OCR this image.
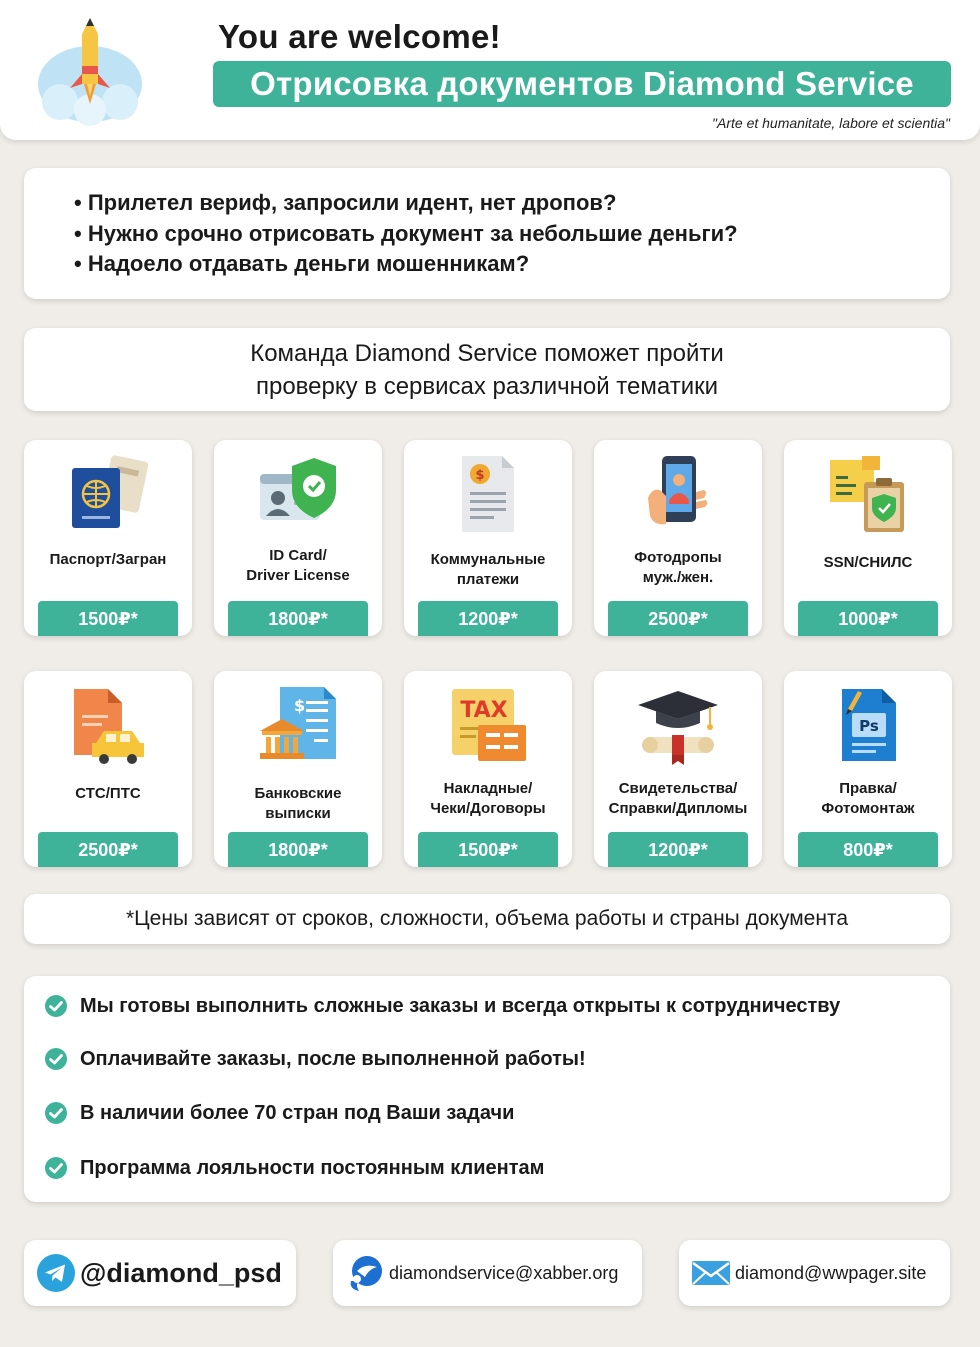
You are welcome!
Отрисовка документов Diamond Service
"Arte et humanitate, labore et scientia"
• Прилетел вериф, запросили идент, нет дропов?
• Нужно срочно отрисовать документ за небольшие деньги?
• Надоело отдавать деньги мошенникам?
Команда Diamond Service поможет пройти
проверку в сервисах различной тематики
Паспорт/Загран
1500₽*
ID Card/
Driver License
1800₽*
$
Коммунальные
платежи
1200₽*
Фотодропы
муж./жен.
2500₽*
SSN/СНИЛС
1000₽*
СТС/ПТС
2500₽*
$
Банковские
выписки
1800₽*
TAX
Накладные/
Чеки/Договоры
1500₽*
Свидетельства/
Справки/Дипломы
1200₽*
Ps
Правка/
Фотомонтаж
800₽*
*Цены зависят от сроков, сложности, объема работы и страны документа
Мы готовы выполнить сложные заказы и всегда открыты к сотрудничеству
Оплачивайте заказы, после выполненной работы!
В наличии более 70 стран под Ваши задачи
Программа лояльности постоянным клиентам
@diamond_psd	diamondservice@xabber.org	diamond@wwpager.site
